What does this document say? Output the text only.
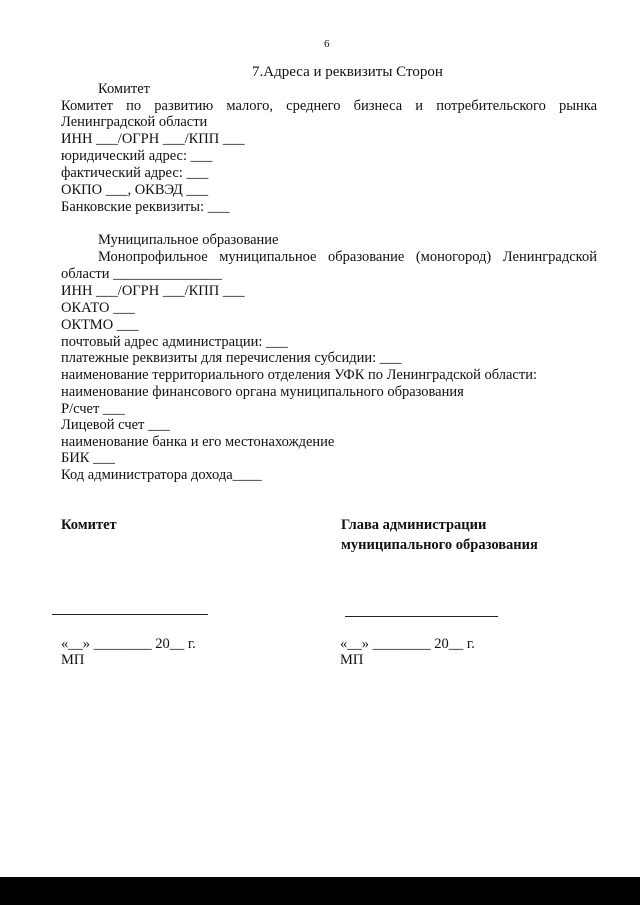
6
7.Адреса и реквизиты Сторон
Комитет
Комитет по развитию малого, среднего бизнеса и потребительского рынка
Ленинградской области
ИНН ___/ОГРН ___/КПП ___
юридический адрес: ___
фактический адрес: ___
ОКПО ___, ОКВЭД ___
Банковские реквизиты: ___
Муниципальное образование
Монопрофильное муниципальное образование (моногород) Ленинградской
области _______________
ИНН ___/ОГРН ___/КПП ___
ОКАТО ___
ОКТМО ___
почтовый адрес администрации: ___
платежные реквизиты для перечисления субсидии: ___
наименование территориального отделения УФК по Ленинградской области:
наименование финансового органа муниципального образования
Р/счет ___
Лицевой счет ___
наименование банка и его местонахождение
БИК ___
Код администратора дохода____
Комитет	Глава администрации
муниципального образования
«__» ________ 20__ г.
МП
«__» ________ 20__ г.
МП
